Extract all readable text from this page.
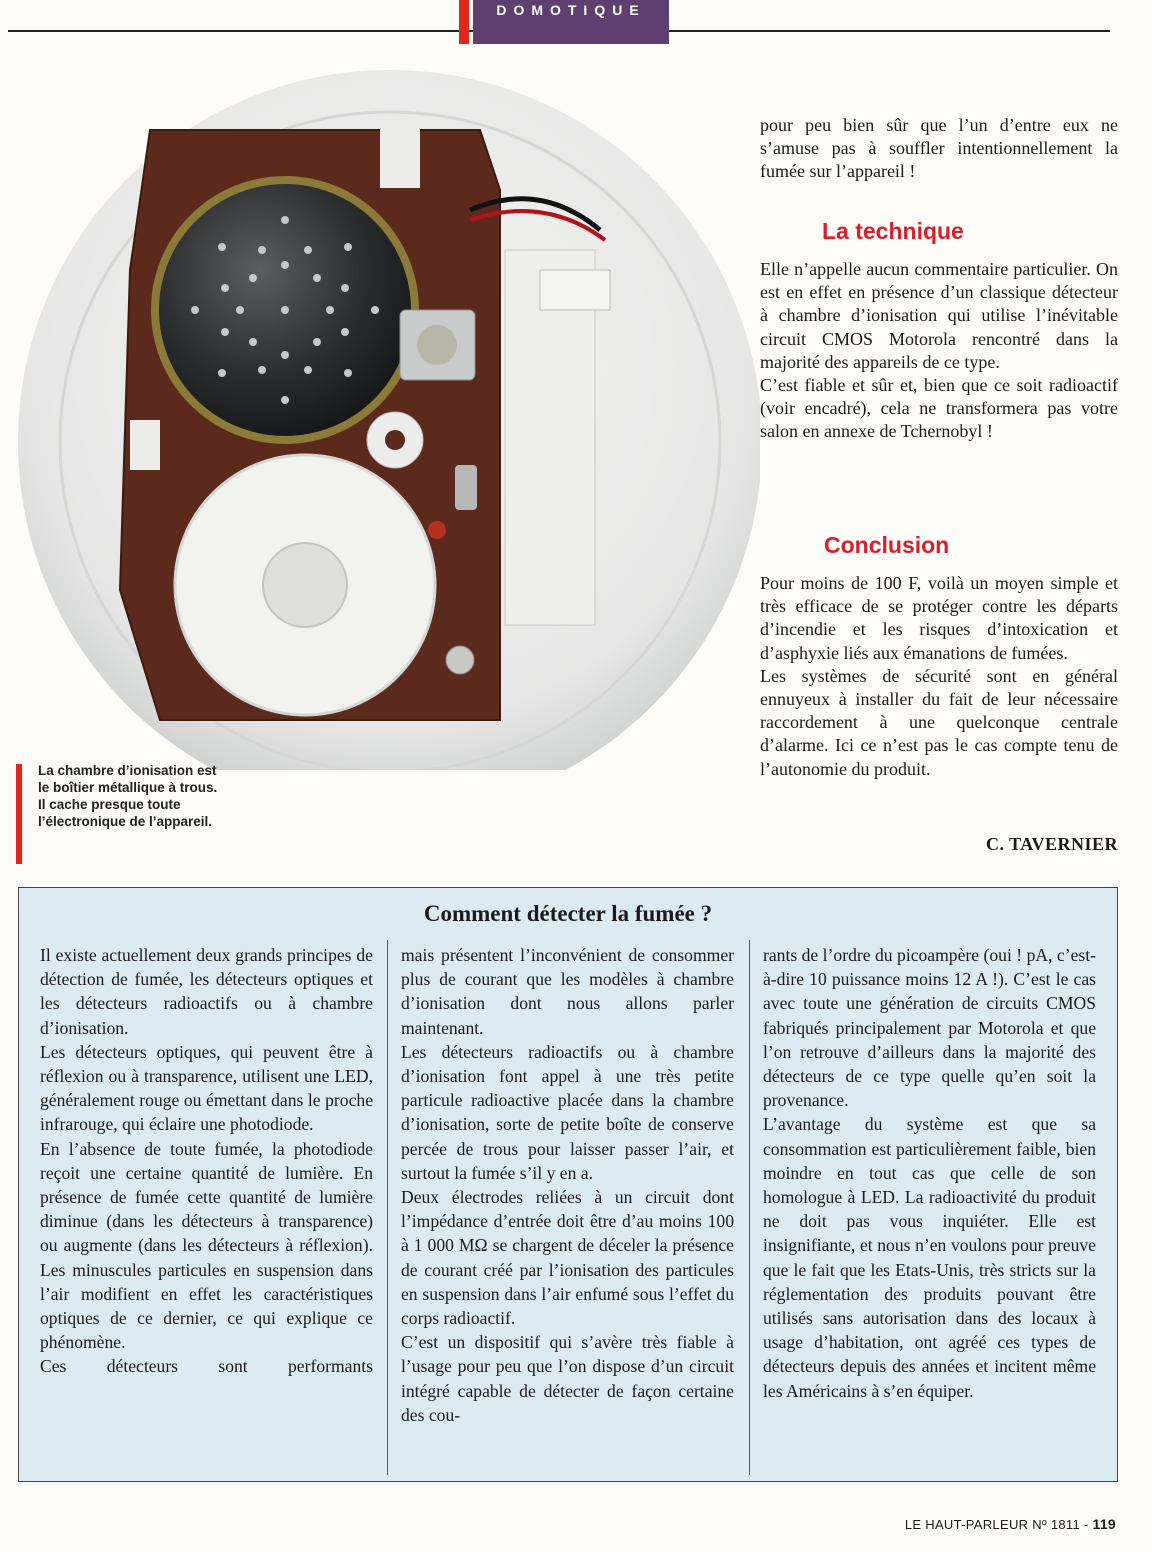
DOMOTIQUE
La chambre d’ionisation est le boîtier métallique à trous. Il cache presque toute l’électronique de l’appareil.

pour peu bien sûr que l’un d’entre eux ne s’amuse pas à souffler intentionnellement la fumée sur l’appareil !

La technique

Elle n’appelle aucun commentaire particulier. On est en effet en présence d’un classique détecteur à chambre d’ionisation qui utilise l’inévitable circuit CMOS Motorola rencontré dans la majorité des appareils de ce type.

C’est fiable et sûr et, bien que ce soit radioactif (voir encadré), cela ne transformera pas votre salon en annexe de Tchernobyl !

Conclusion

Pour moins de 100 F, voilà un moyen simple et très efficace de se protéger contre les départs d’incendie et les risques d’intoxication et d’asphyxie liés aux émanations de fumées.

Les systèmes de sécurité sont en général ennuyeux à installer du fait de leur nécessaire raccordement à une quelconque centrale d’alarme. Ici ce n’est pas le cas compte tenu de l’autonomie du produit.

C. TAVERNIER
Comment détecter la fumée ?

Il existe actuellement deux grands principes de détection de fumée, les détecteurs optiques et les détecteurs radioactifs ou à chambre d’ionisation.

Les détecteurs optiques, qui peuvent être à réflexion ou à transparence, utilisent une LED, généralement rouge ou émettant dans le proche infrarouge, qui éclaire une photodiode.

En l’absence de toute fumée, la photodiode reçoit une certaine quantité de lumière. En présence de fumée cette quantité de lumière diminue (dans les détecteurs à transparence) ou augmente (dans les détecteurs à réflexion). Les minuscules particules en suspension dans l’air modifient en effet les caractéristiques optiques de ce dernier, ce qui explique ce phénomène.

Ces détecteurs sont performants

mais présentent l’inconvénient de consommer plus de courant que les modèles à chambre d’ionisation dont nous allons parler maintenant.

Les détecteurs radioactifs ou à chambre d’ionisation font appel à une très petite particule radioactive placée dans la chambre d’ionisation, sorte de petite boîte de conserve percée de trous pour laisser passer l’air, et surtout la fumée s’il y en a.

Deux électrodes reliées à un circuit dont l’impédance d’entrée doit être d’au moins 100 à 1 000 MΩ se chargent de déceler la présence de courant créé par l’ionisation des particules en suspension dans l’air enfumé sous l’effet du corps radioactif.

C’est un dispositif qui s’avère très fiable à l’usage pour peu que l’on dispose d’un circuit intégré capable de détecter de façon certaine des cou-

rants de l’ordre du picoampère (oui ! pA, c’est-à-dire 10 puissance moins 12 A !). C’est le cas avec toute une génération de circuits CMOS fabriqués principalement par Motorola et que l’on retrouve d’ailleurs dans la majorité des détecteurs de ce type quelle qu’en soit la provenance.

L’avantage du système est que sa consommation est particulièrement faible, bien moindre en tout cas que celle de son homologue à LED. La radioactivité du produit ne doit pas vous inquiéter. Elle est insignifiante, et nous n’en voulons pour preuve que le fait que les Etats-Unis, très stricts sur la réglementation des produits pouvant être utilisés sans autorisation dans des locaux à usage d’habitation, ont agréé ces types de détecteurs depuis des années et incitent même les Américains à s’en équiper.

LE HAUT-PARLEUR Nº 1811 - 119
